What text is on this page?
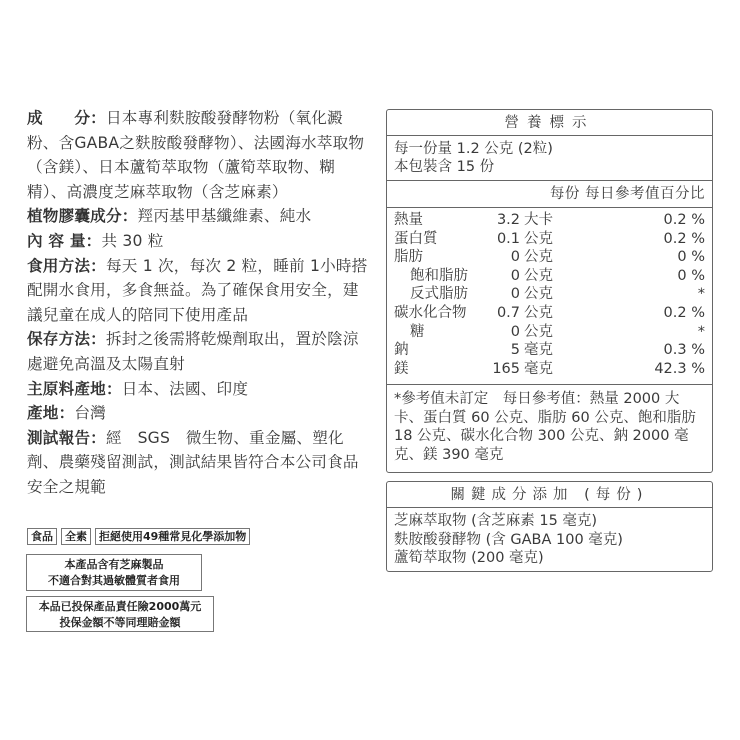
成　　分：日本專利麩胺酸發酵物粉（氧化澱粉、含GABA之麩胺酸發酵物）、法國海水萃取物（含鎂）、日本蘆筍萃取物（蘆筍萃取物、糊精）、高濃度芝麻萃取物（含芝麻素）

植物膠囊成分：羥丙基甲基纖維素、純水

內 容 量：共 30 粒

食用方法：每天 1 次，每次 2 粒，睡前 1小時搭配開水食用，多食無益。為了確保食用安全，建議兒童在成人的陪同下使用產品

保存方法：拆封之後需將乾燥劑取出，置於陰涼處避免高溫及太陽直射

主原料產地：日本、法國、印度

產地：台灣

測試報告：經　SGS　微生物、重金屬、塑化劑、農藥殘留測試，測試結果皆符合本公司食品安全之規範

食品	全素	拒絕使用49種常見化學添加物
本產品含有芝麻製品
不適合對其過敏體質者食用
本品已投保產品責任險2000萬元
投保金額不等同理賠金額
營養標示
每一份量 1.2 公克 (2粒)
本包裝含 15 份
每份 每日參考值百分比
熱量	3.2 大卡	0.2 %
蛋白質	0.1 公克	0.2 %
脂肪	0 公克	0 %
飽和脂肪	0 公克	0 %
反式脂肪	0 公克	*
碳水化合物	0.7 公克	0.2 %
糖	0 公克	*
鈉	5 毫克	0.3 %
鎂	165 毫克	42.3 %
*參考值未訂定　每日參考值：熱量 2000 大卡、蛋白質 60 公克、脂肪 60 公克、飽和脂肪 18 公克、碳水化合物 300 公克、鈉 2000 毫克、鎂 390 毫克
關鍵成分添加 (每份)
芝麻萃取物 (含芝麻素 15 毫克)
麩胺酸發酵物 (含 GABA 100 毫克)
蘆筍萃取物 (200 毫克)
